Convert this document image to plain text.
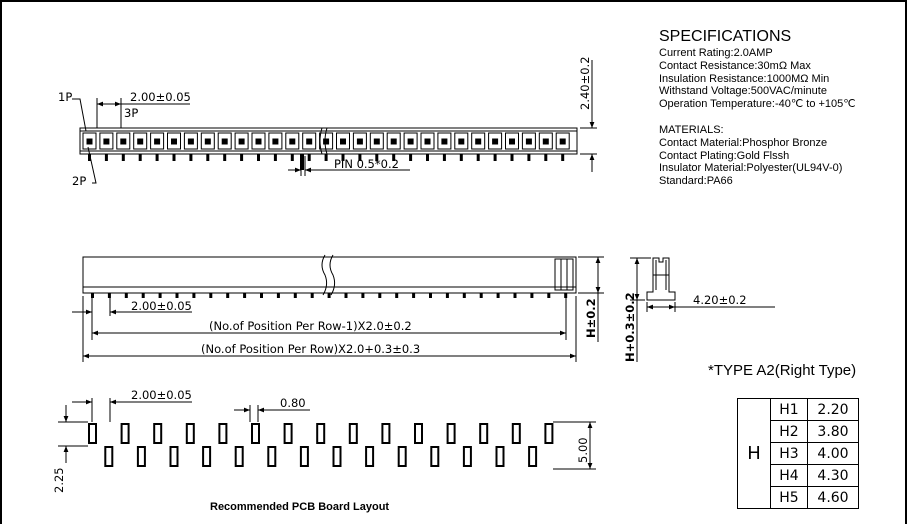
SPECIFICATIONS
Current Rating:2.0AMP
Contact Resistance:30mΩ Max
Insulation Resistance:1000MΩ Min
Withstand Voltage:500VAC/minute
Operation Temperature:-40℃ to +105℃
MATERIALS:
Contact Material:Phosphor Bronze
Contact Plating:Gold Flssh
Insulator Material:Polyester(UL94V-0)
Standard:PA66
1P
2P
3P
2.00±0.05	2.40±0.2
PIN 0.5*0.2
2.00±0.05
(No.of Position Per Row-1)X2.0±0.2
(No.of Position Per Row)X2.0+0.3±0.3
H±0.2	4.20±0.2
H+0.3±0.2
2.00±0.05
0.80
5.00
2.25
Recommended PCB Board Layout
*TYPE A2(Right Type)
H	H1	2.20
	H2	3.80
	H3	4.00
	H4	4.30
	H5	4.60
